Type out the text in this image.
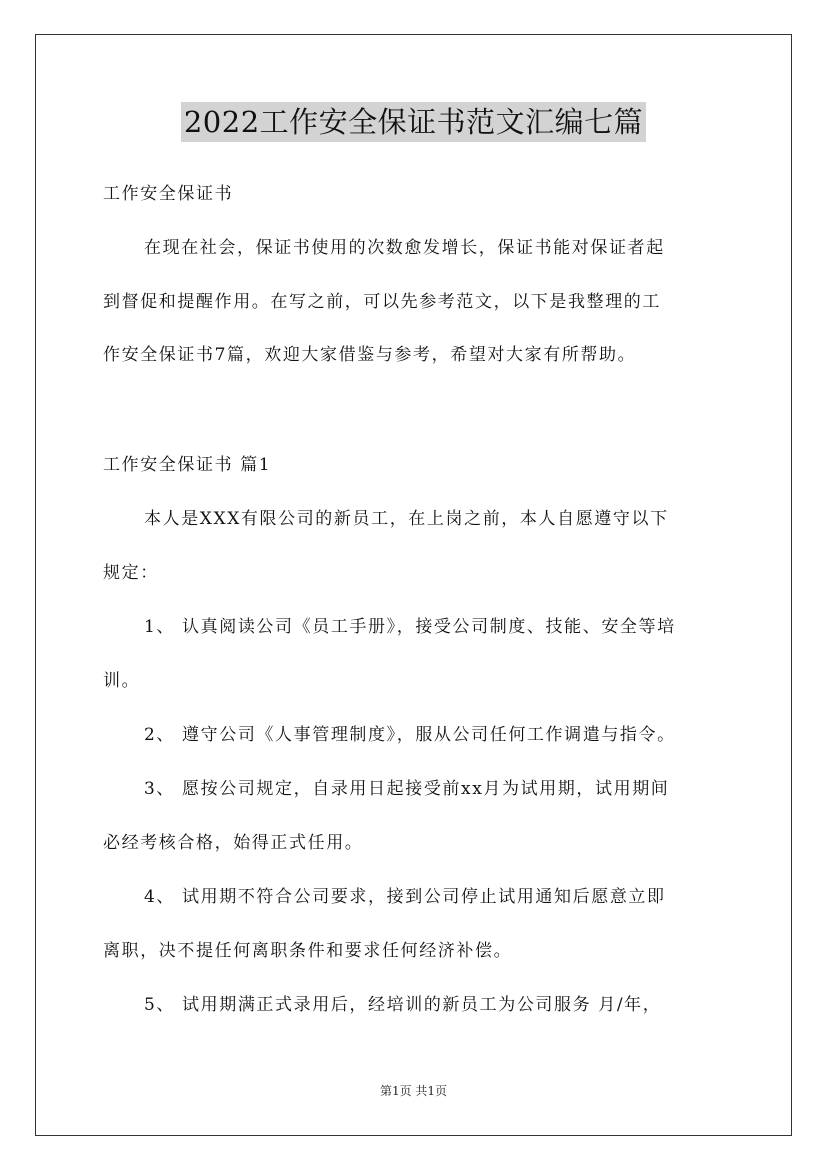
2022工作安全保证书范文汇编七篇
工作安全保证书
在现在社会，保证书使用的次数愈发增长，保证书能对保证者起
到督促和提醒作用。在写之前，可以先参考范文，以下是我整理的工
作安全保证书7篇，欢迎大家借鉴与参考，希望对大家有所帮助。
工作安全保证书 篇1
本人是XXX有限公司的新员工，在上岗之前，本人自愿遵守以下
规定：
1、 认真阅读公司《员工手册》，接受公司制度、技能、安全等培
训。
2、 遵守公司《人事管理制度》，服从公司任何工作调遣与指令。
3、 愿按公司规定，自录用日起接受前xx月为试用期，试用期间
必经考核合格，始得正式任用。
4、 试用期不符合公司要求，接到公司停止试用通知后愿意立即
离职，决不提任何离职条件和要求任何经济补偿。
5、 试用期满正式录用后，经培训的新员工为公司服务 月/年，
第1页 共1页
